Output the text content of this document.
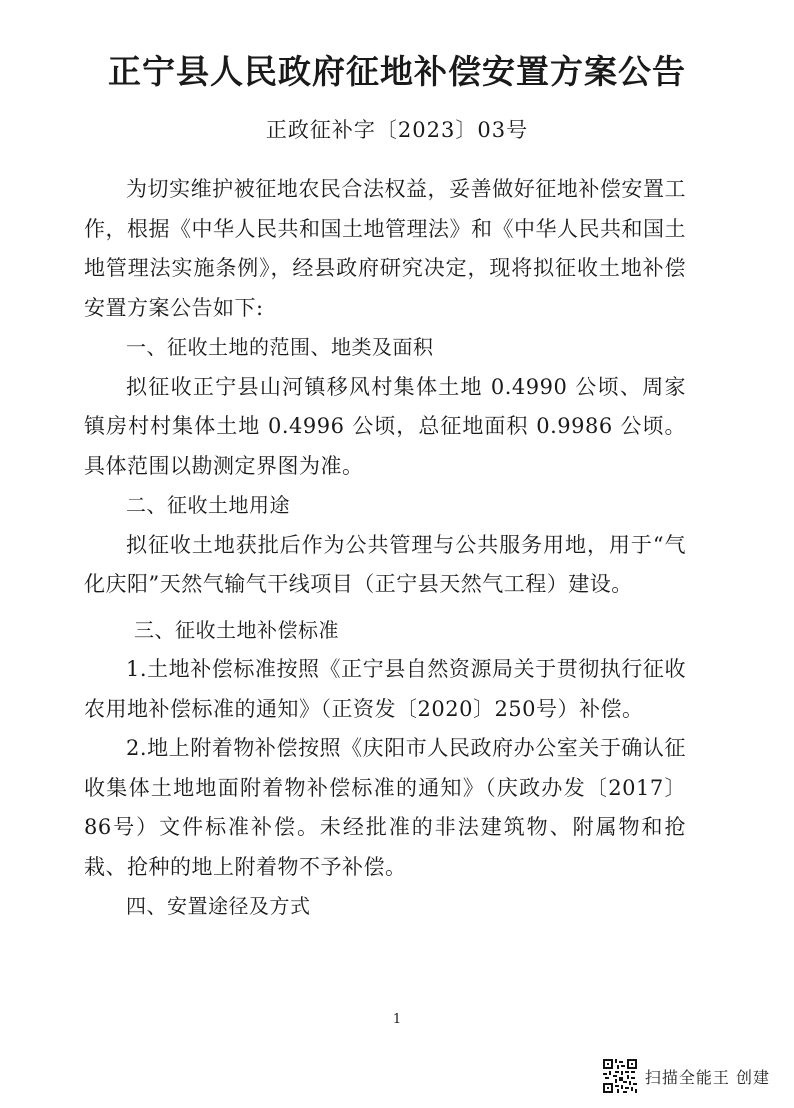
正宁县人民政府征地补偿安置方案公告
正政征补字〔2023〕03号

为切实维护被征地农民合法权益，妥善做好征地补偿安置工作，根据《中华人民共和国土地管理法》和《中华人民共和国土地管理法实施条例》，经县政府研究决定，现将拟征收土地补偿安置方案公告如下:

一、征收土地的范围、地类及面积

拟征收正宁县山河镇移风村集体土地 0.4990 公顷、周家镇房村村集体土地 0.4996 公顷，总征地面积 0.9986 公顷。具体范围以勘测定界图为准。

二、征收土地用途

拟征收土地获批后作为公共管理与公共服务用地，用于“气化庆阳”天然气输气干线项目（正宁县天然气工程）建设。

三、征收土地补偿标准

1.土地补偿标准按照《正宁县自然资源局关于贯彻执行征收农用地补偿标准的通知》（正资发〔2020〕250号）补偿。

2.地上附着物补偿按照《庆阳市人民政府办公室关于确认征收集体土地地面附着物补偿标准的通知》（庆政办发〔2017〕86号）文件标准补偿。未经批准的非法建筑物、附属物和抢栽、抢种的地上附着物不予补偿。

四、安置途径及方式

1
扫描全能王 创建
